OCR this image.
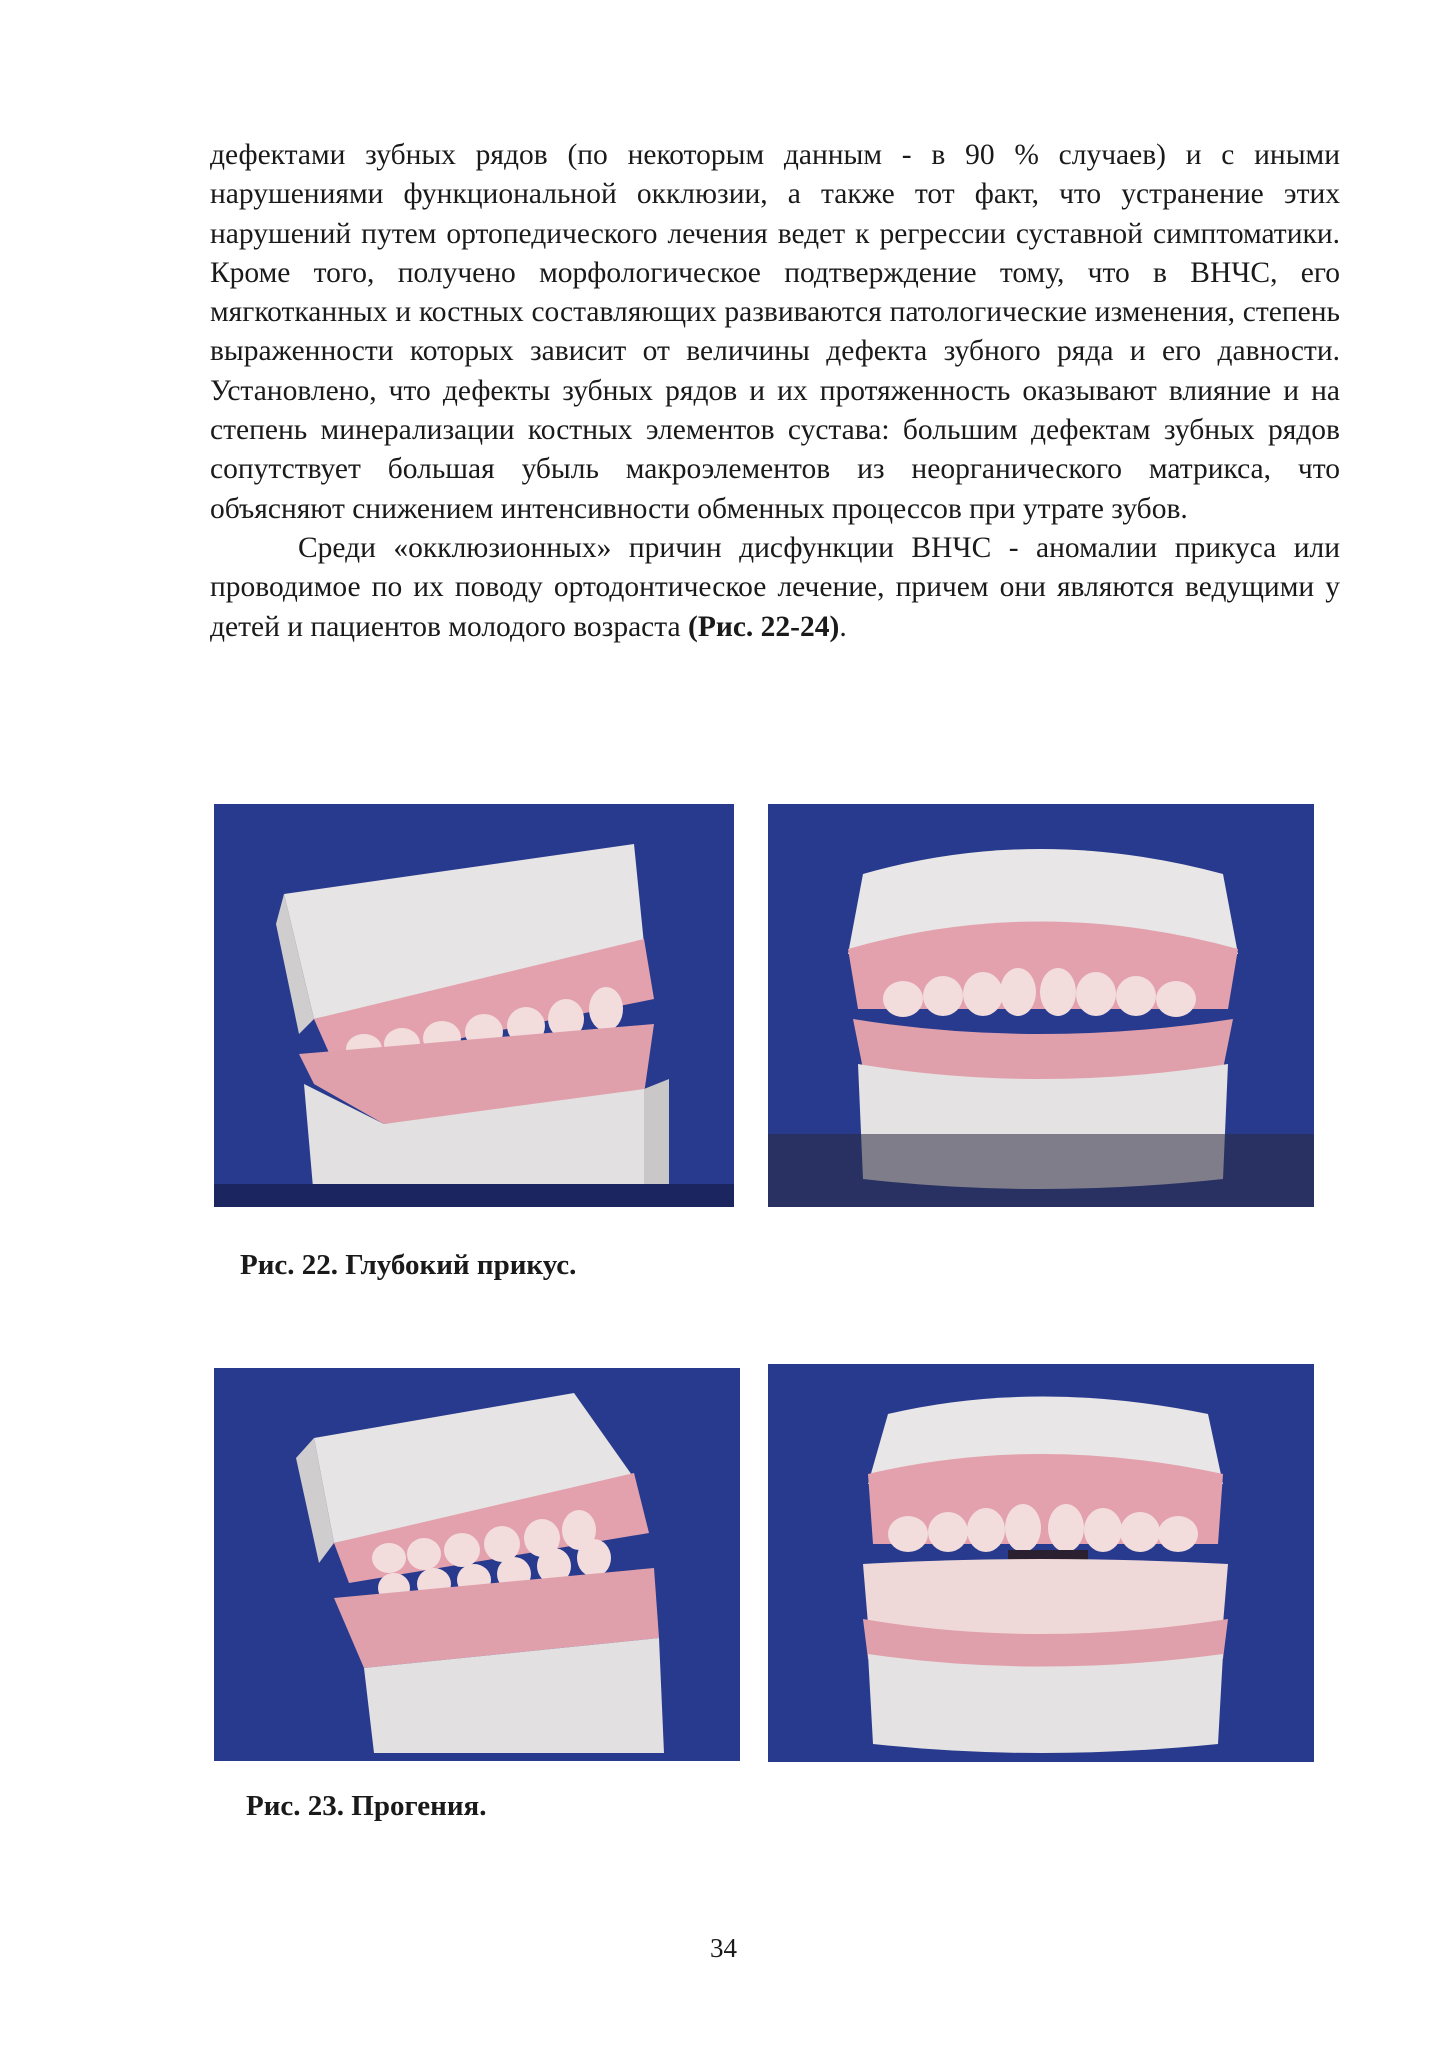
дефектами зубных рядов (по некоторым данным - в 90 % случаев) и с иными нарушениями функциональной окклюзии, а также тот факт, что устранение этих нарушений путем ортопедического лечения ведет к регрессии суставной симптоматики. Кроме того, получено морфологическое подтверждение тому, что в ВНЧС, его мягкотканных и костных составляющих развиваются патологические изменения, степень выраженности которых зависит от величины дефекта зубного ряда и его давности. Установлено, что дефекты зубных рядов и их протяженность оказывают влияние и на степень минерализации костных элементов сустава: большим дефектам зубных рядов сопутствует большая убыль макроэлементов из неорганического матрикса, что объясняют снижением интенсивности обменных процессов при утрате зубов.

Среди «окклюзионных» причин дисфункции ВНЧС - аномалии прикуса или проводимое по их поводу ортодонтическое лечение, причем они являются ведущими у детей и пациентов молодого возраста (Рис. 22-24).

Рис. 22. Глубокий прикус.
Рис. 23. Прогения.
34
